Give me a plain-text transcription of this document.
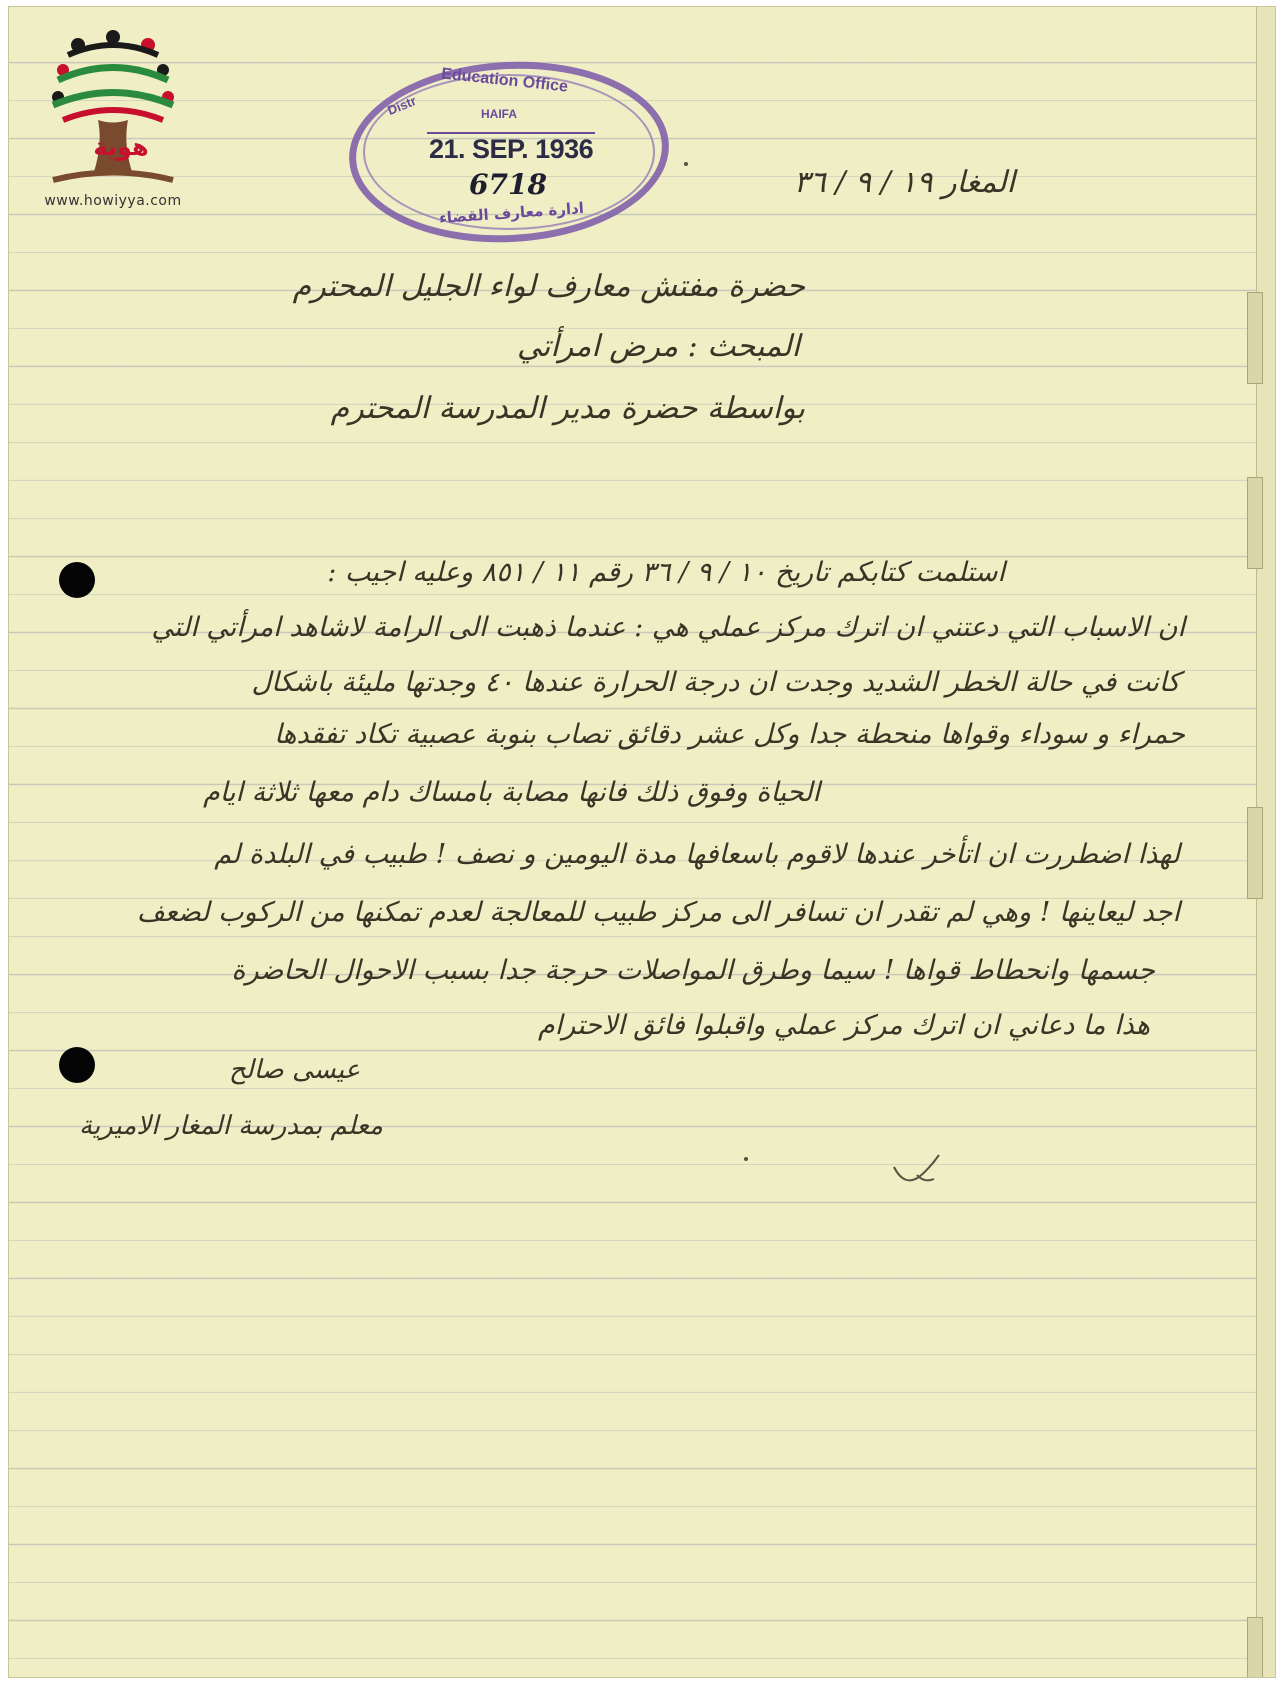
هوية
www.howiyya.com
Distr
Education Office
HAIFA
21. SEP. 1936
6718
ادارة معارف القضاء
المغار ١٩ / ٩ / ٣٦
حضرة مفتش معارف لواء الجليل المحترم
المبحث : مرض امرأتي
بواسطة حضرة مدير المدرسة المحترم
استلمت كتابكم تاريخ ١٠ / ٩ / ٣٦ رقم ١١ / ٨٥١ وعليه اجيب :
ان الاسباب التي دعتني ان اترك مركز عملي هي : عندما ذهبت الى الرامة لاشاهد امرأتي التي
كانت في حالة الخطر الشديد وجدت ان درجة الحرارة عندها ٤٠ وجدتها مليئة باشكال
حمراء و سوداء وقواها منحطة جدا وكل عشر دقائق تصاب بنوبة عصبية تكاد تفقدها
الحياة وفوق ذلك فانها مصابة بامساك دام معها ثلاثة ايام
لهذا اضطررت ان اتأخر عندها لاقوم باسعافها مدة اليومين و نصف ! طبيب في البلدة لم
اجد ليعاينها ! وهي لم تقدر ان تسافر الى مركز طبيب للمعالجة لعدم تمكنها من الركوب لضعف
جسمها وانحطاط قواها ! سيما وطرق المواصلات حرجة جدا بسبب الاحوال الحاضرة
هذا ما دعاني ان اترك مركز عملي واقبلوا فائق الاحترام
عيسى صالح
معلم بمدرسة المغار الاميرية
